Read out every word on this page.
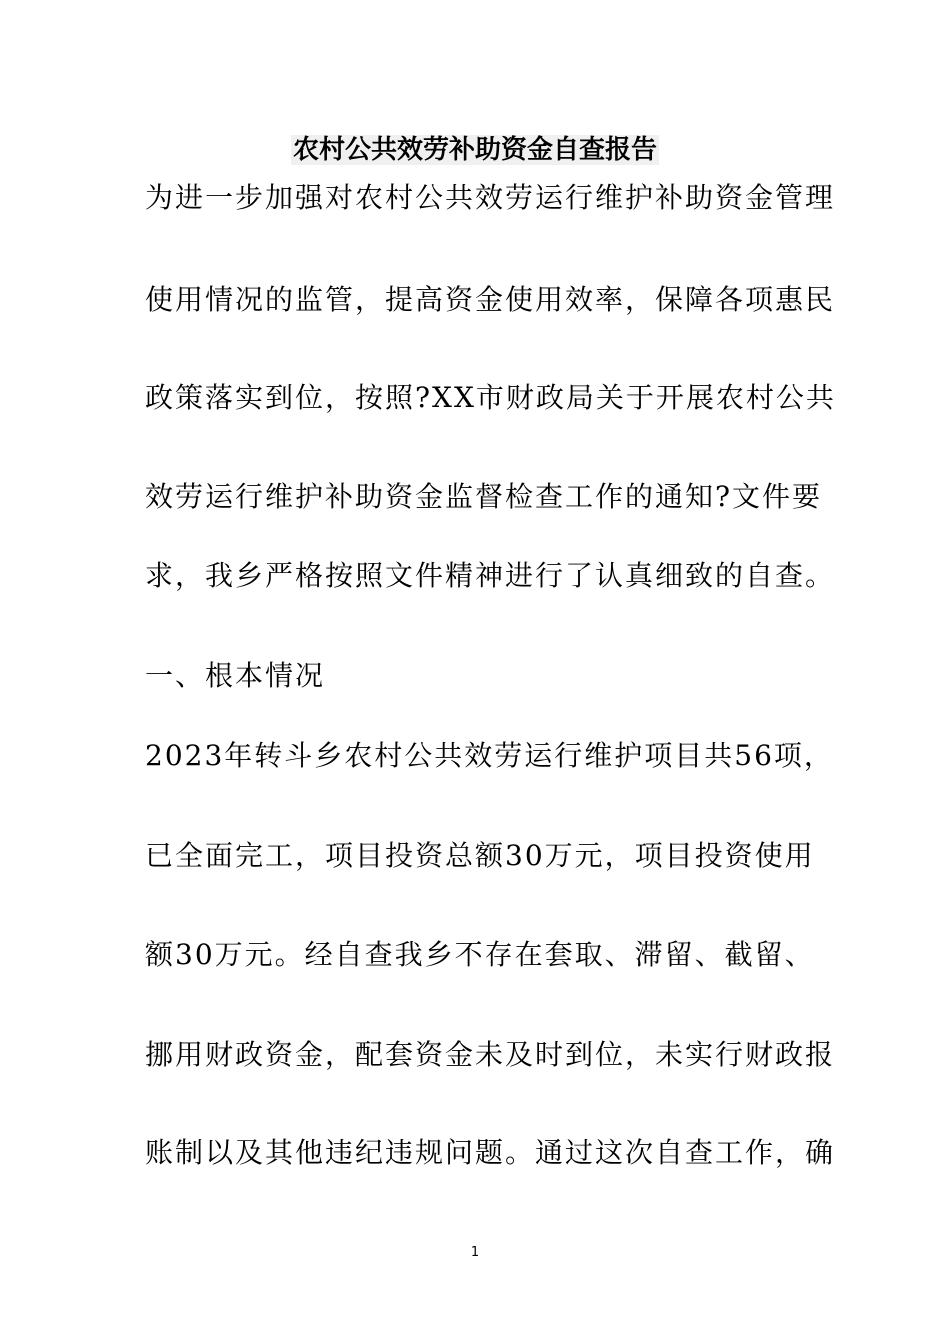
农村公共效劳补助资金自查报告
为进一步加强对农村公共效劳运行维护补助资金管理
使用情况的监管，提高资金使用效率，保障各项惠民
政策落实到位，按照?XX市财政局关于开展农村公共
效劳运行维护补助资金监督检查工作的通知?文件要
求，我乡严格按照文件精神进行了认真细致的自查。
一、根本情况
2023年转斗乡农村公共效劳运行维护项目共56项，
已全面完工，项目投资总额30万元，项目投资使用
额30万元。经自查我乡不存在套取、滞留、截留、
挪用财政资金，配套资金未及时到位，未实行财政报
账制以及其他违纪违规问题。通过这次自查工作，确
1
